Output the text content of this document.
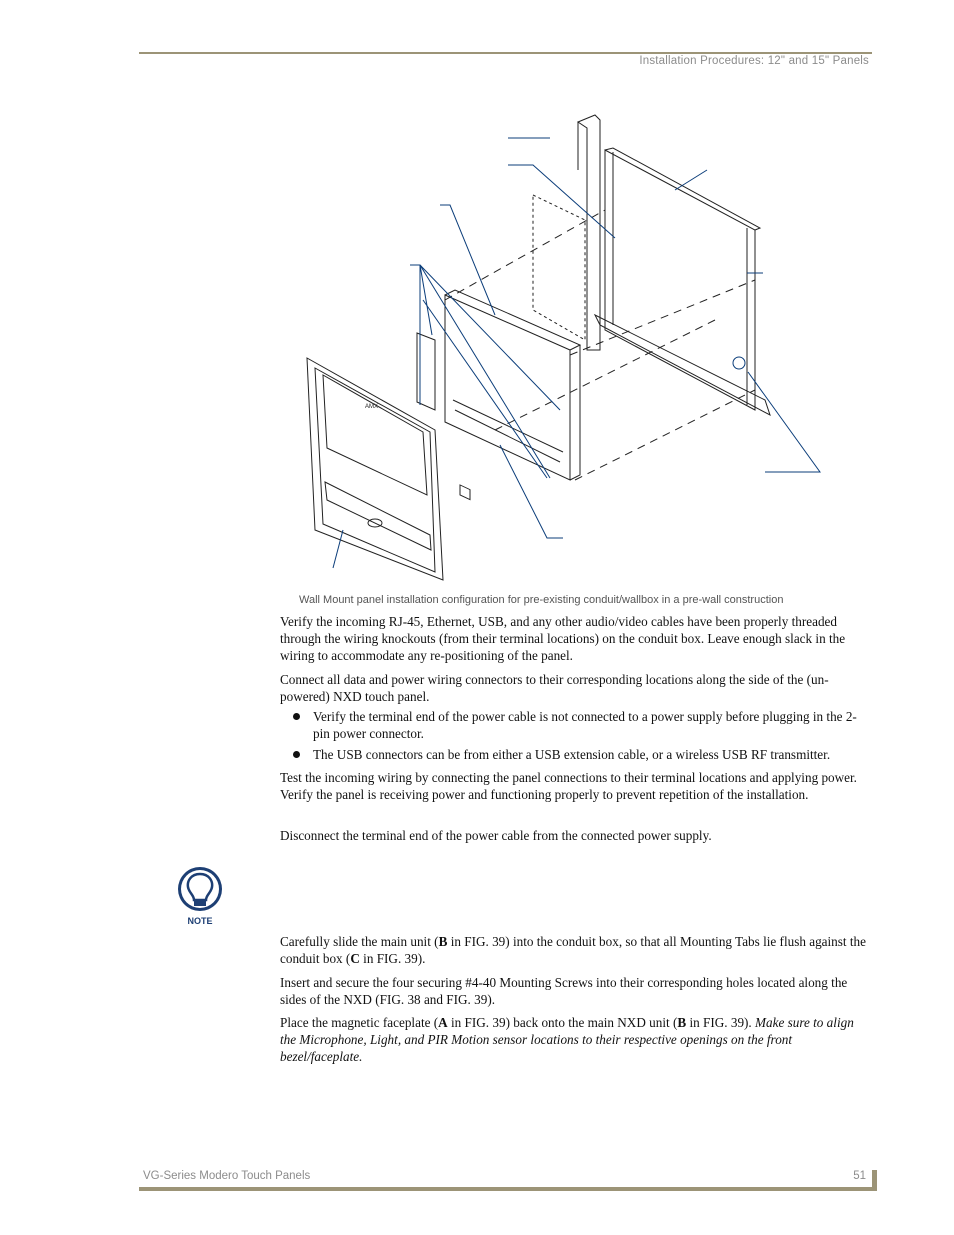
Installation Procedures: 12" and 15" Panels
AMX
Wall Mount panel installation configuration for pre-existing conduit/wallbox in a pre-wall construction

Verify the incoming RJ-45, Ethernet, USB, and any other audio/video cables have been properly threaded through the wiring knockouts (from their terminal locations) on the conduit box. Leave enough slack in the wiring to accommodate any re-positioning of the panel.

Connect all data and power wiring connectors to their corresponding locations along the side of the (un-powered) NXD touch panel.

Verify the terminal end of the power cable is not connected to a power supply before plugging in the 2-pin power connector.
The USB connectors can be from either a USB extension cable, or a wireless USB RF transmitter.

Test the incoming wiring by connecting the panel connections to their terminal locations and applying power. Verify the panel is receiving power and functioning properly to prevent repetition of the installation.

Disconnect the terminal end of the power cable from the connected power supply.

NOTE

Carefully slide the main unit (B in FIG. 39) into the conduit box, so that all Mounting Tabs lie flush against the conduit box (C in FIG. 39).

Insert and secure the four securing #4-40 Mounting Screws into their corresponding holes located along the sides of the NXD (FIG. 38 and FIG. 39).

Place the magnetic faceplate (A in FIG. 39) back onto the main NXD unit (B in FIG. 39). Make sure to align the Microphone, Light, and PIR Motion sensor locations to their respective openings on the front bezel/faceplate.

VG-Series Modero Touch Panels	51
